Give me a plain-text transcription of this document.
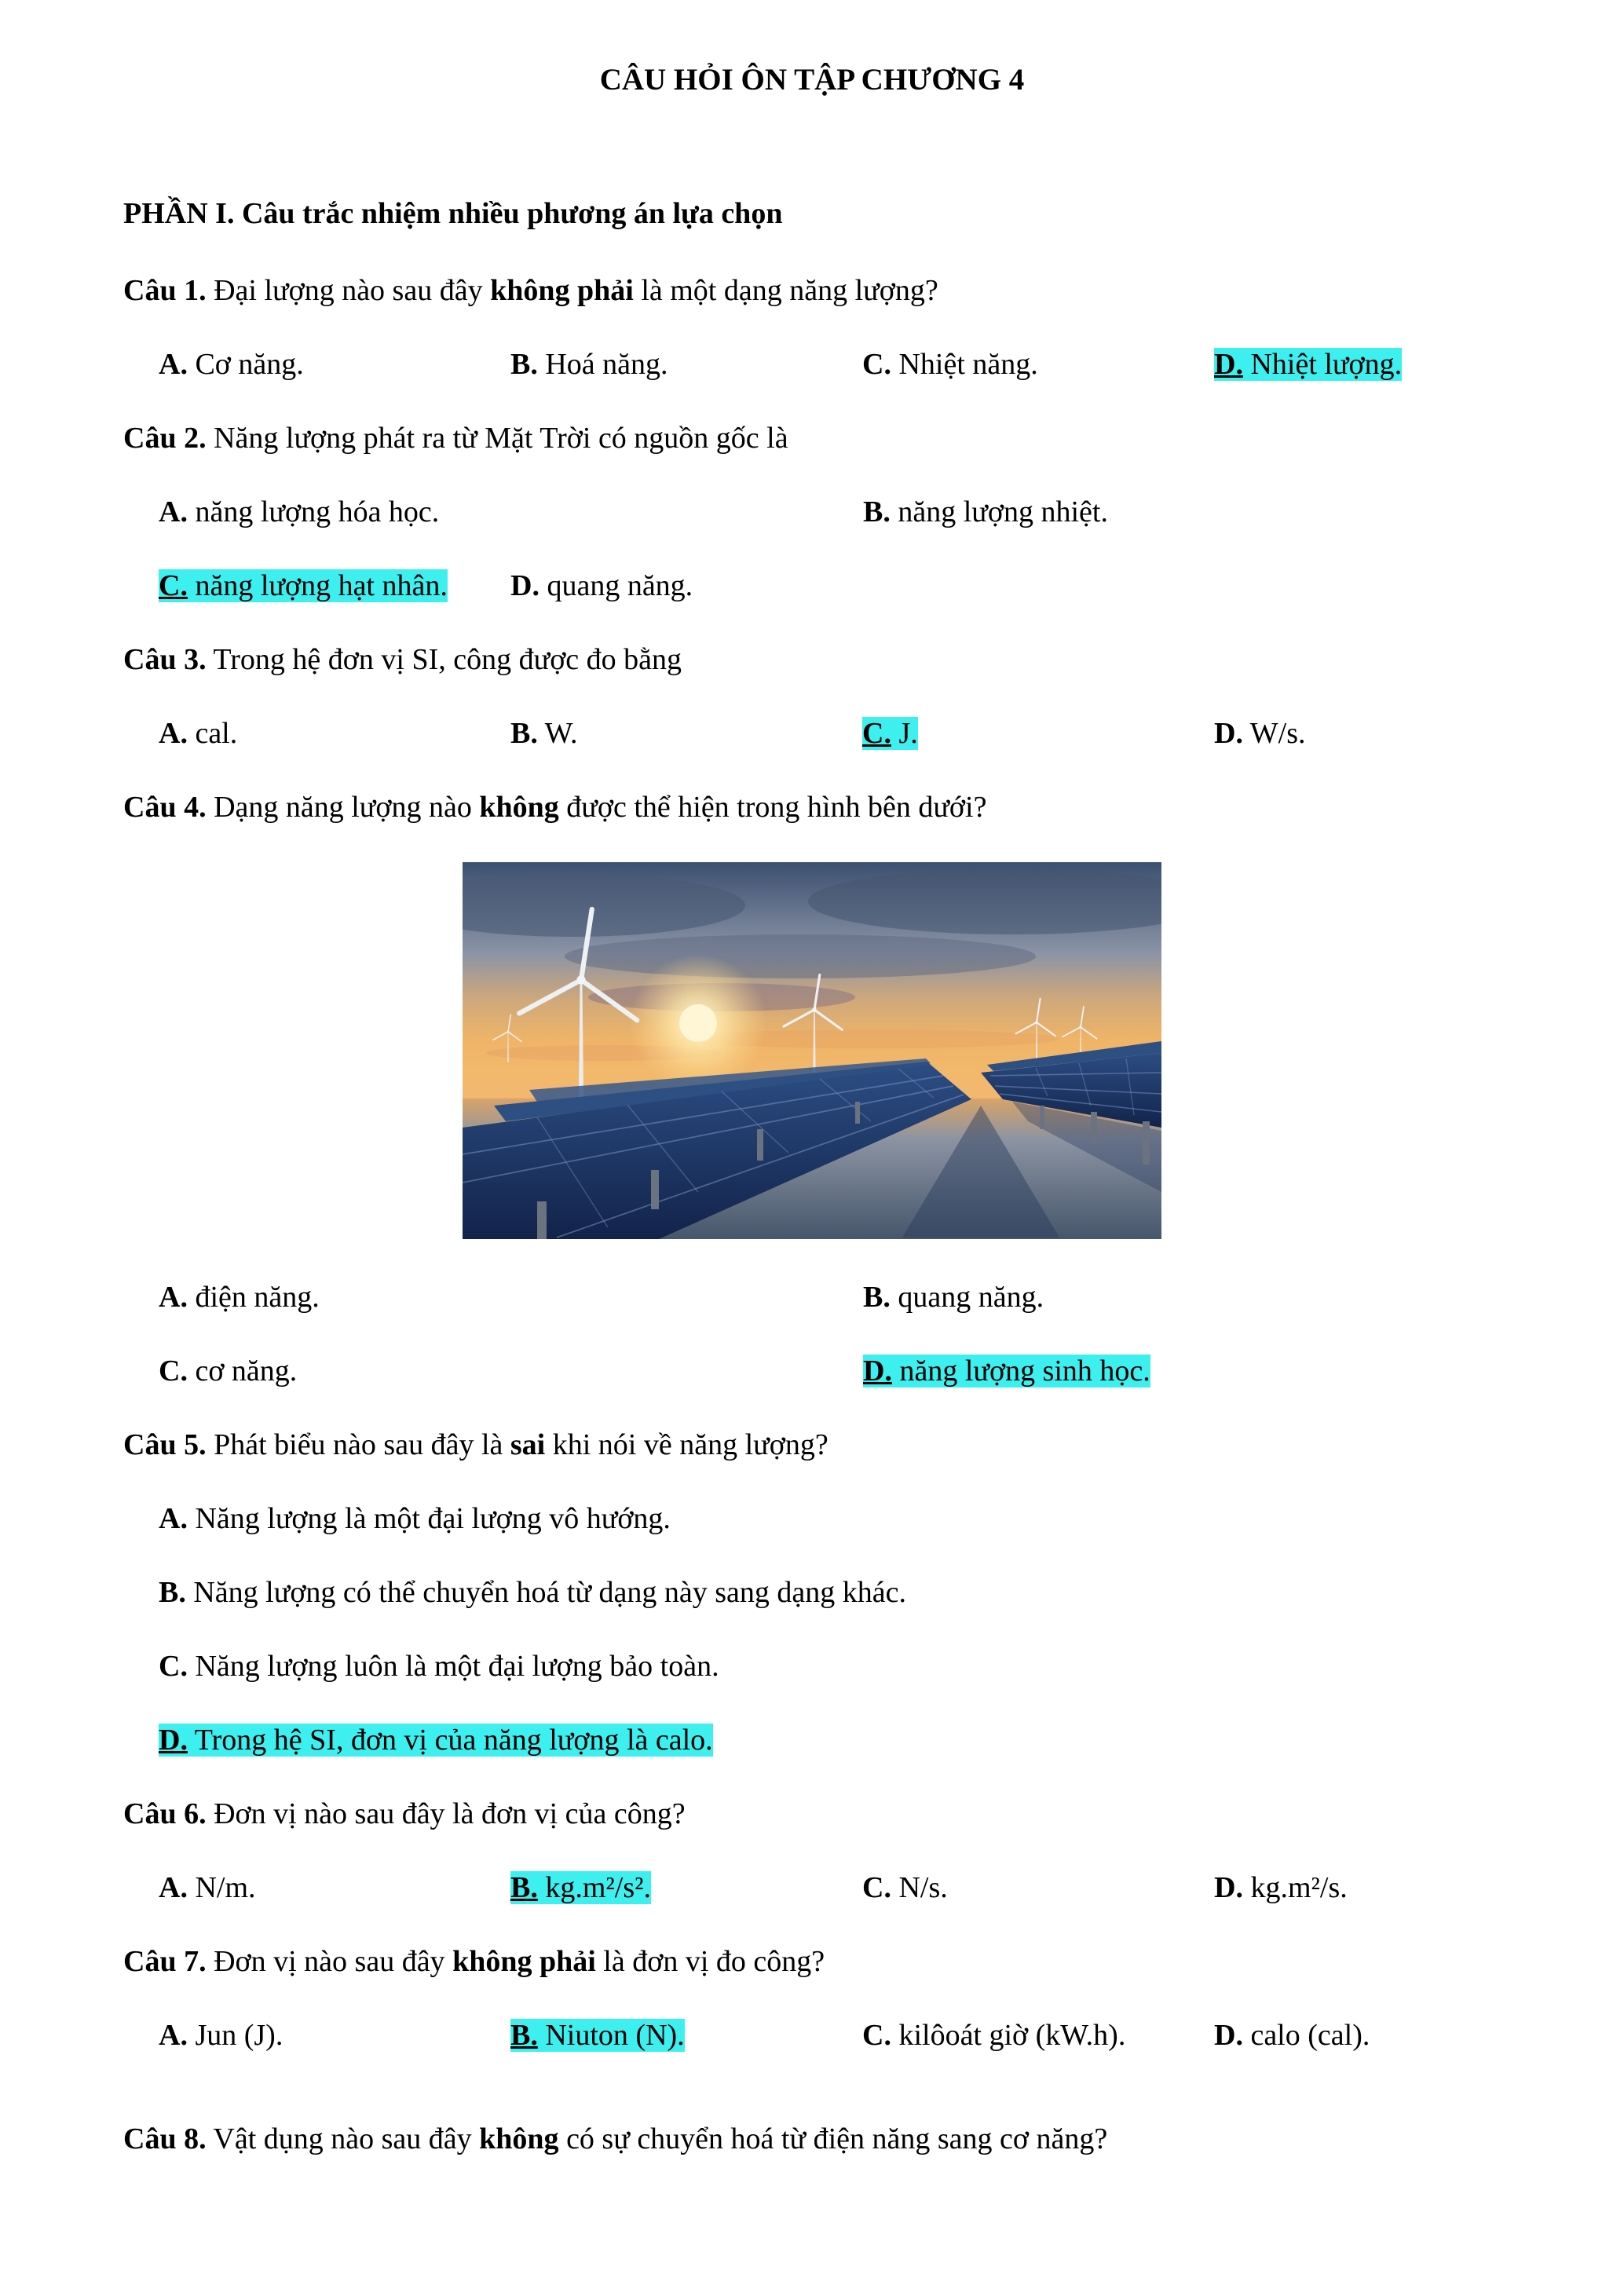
CÂU HỎI ÔN TẬP CHƯƠNG 4

PHẦN I. Câu trắc nhiệm nhiều phương án lựa chọn

Câu 1. Đại lượng nào sau đây không phải là một dạng năng lượng?

A. Cơ năng.	B. Hoá năng.	C. Nhiệt năng.	D. Nhiệt lượng.

Câu 2. Năng lượng phát ra từ Mặt Trời có nguồn gốc là

A. năng lượng hóa học.	B. năng lượng nhiệt.
C. năng lượng hạt nhân.	D. quang năng.

Câu 3. Trong hệ đơn vị SI, công được đo bằng

A. cal.	B. W.	C. J.	D. W/s.

Câu 4. Dạng năng lượng nào không được thể hiện trong hình bên dưới?

A. điện năng.	B. quang năng.
C. cơ năng.	D. năng lượng sinh học.

Câu 5. Phát biểu nào sau đây là sai khi nói về năng lượng?

A. Năng lượng là một đại lượng vô hướng.

B. Năng lượng có thể chuyển hoá từ dạng này sang dạng khác.

C. Năng lượng luôn là một đại lượng bảo toàn.

D. Trong hệ SI, đơn vị của năng lượng là calo.

Câu 6. Đơn vị nào sau đây là đơn vị của công?

A. N/m.	B. kg.m²/s².	C. N/s.	D. kg.m²/s.

Câu 7. Đơn vị nào sau đây không phải là đơn vị đo công?

A. Jun (J).	B. Niuton (N).	C. kilôoát giờ (kW.h).	D. calo (cal).

Câu 8. Vật dụng nào sau đây không có sự chuyển hoá từ điện năng sang cơ năng?
